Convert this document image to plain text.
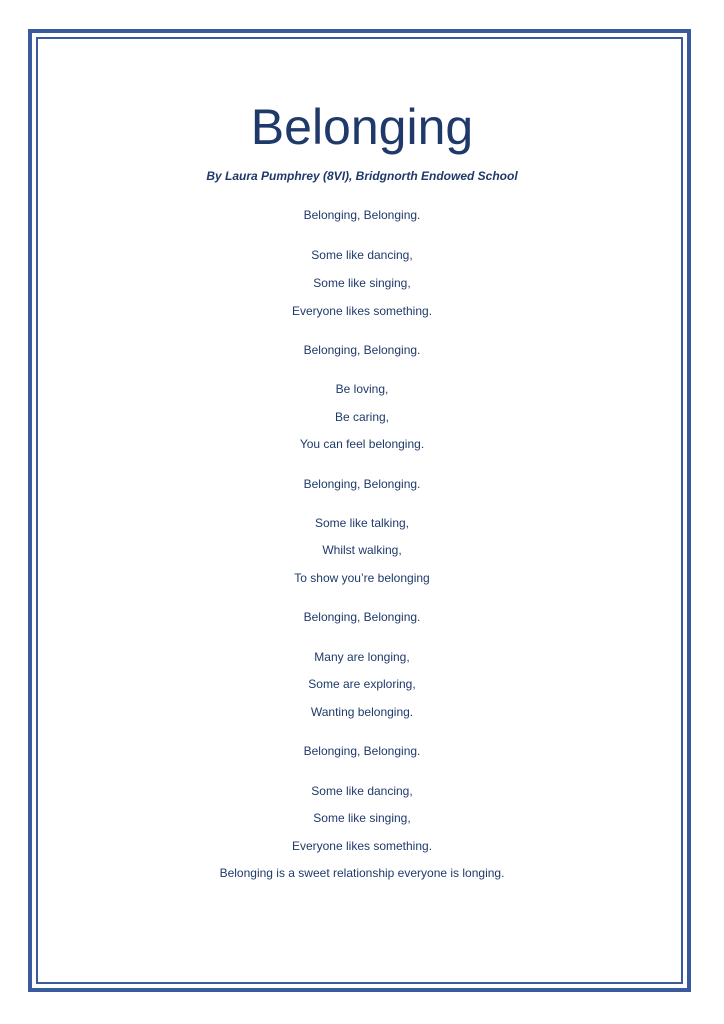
Belonging

By Laura Pumphrey (8VI), Bridgnorth Endowed School

Belonging, Belonging.
Some like dancing,
Some like singing,
Everyone likes something.
Belonging, Belonging.
Be loving,
Be caring,
You can feel belonging.
Belonging, Belonging.
Some like talking,
Whilst walking,
To show you’re belonging
Belonging, Belonging.
Many are longing,
Some are exploring,
Wanting belonging.
Belonging, Belonging.
Some like dancing,
Some like singing,
Everyone likes something.
Belonging is a sweet relationship everyone is longing.
